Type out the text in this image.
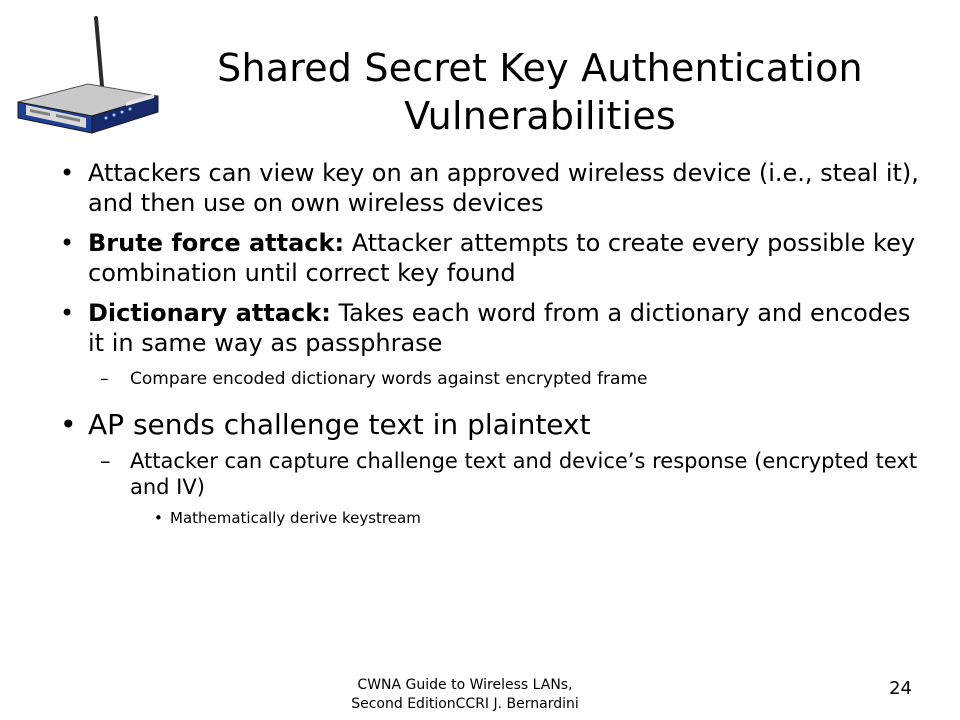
Shared Secret Key Authentication
Vulnerabilities
• Attackers can view key on an approved wireless device (i.e., steal it), and then use on own wireless devices
• Brute force attack: Attacker attempts to create every possible key combination until correct key found
• Dictionary attack: Takes each word from a dictionary and encodes it in same way as passphrase
– Compare encoded dictionary words against encrypted frame
• AP sends challenge text in plaintext
– Attacker can capture challenge text and device’s response (encrypted text and IV)
• Mathematically derive keystream
CWNA Guide to Wireless LANs,
Second EditionCCRI J. Bernardini
24
